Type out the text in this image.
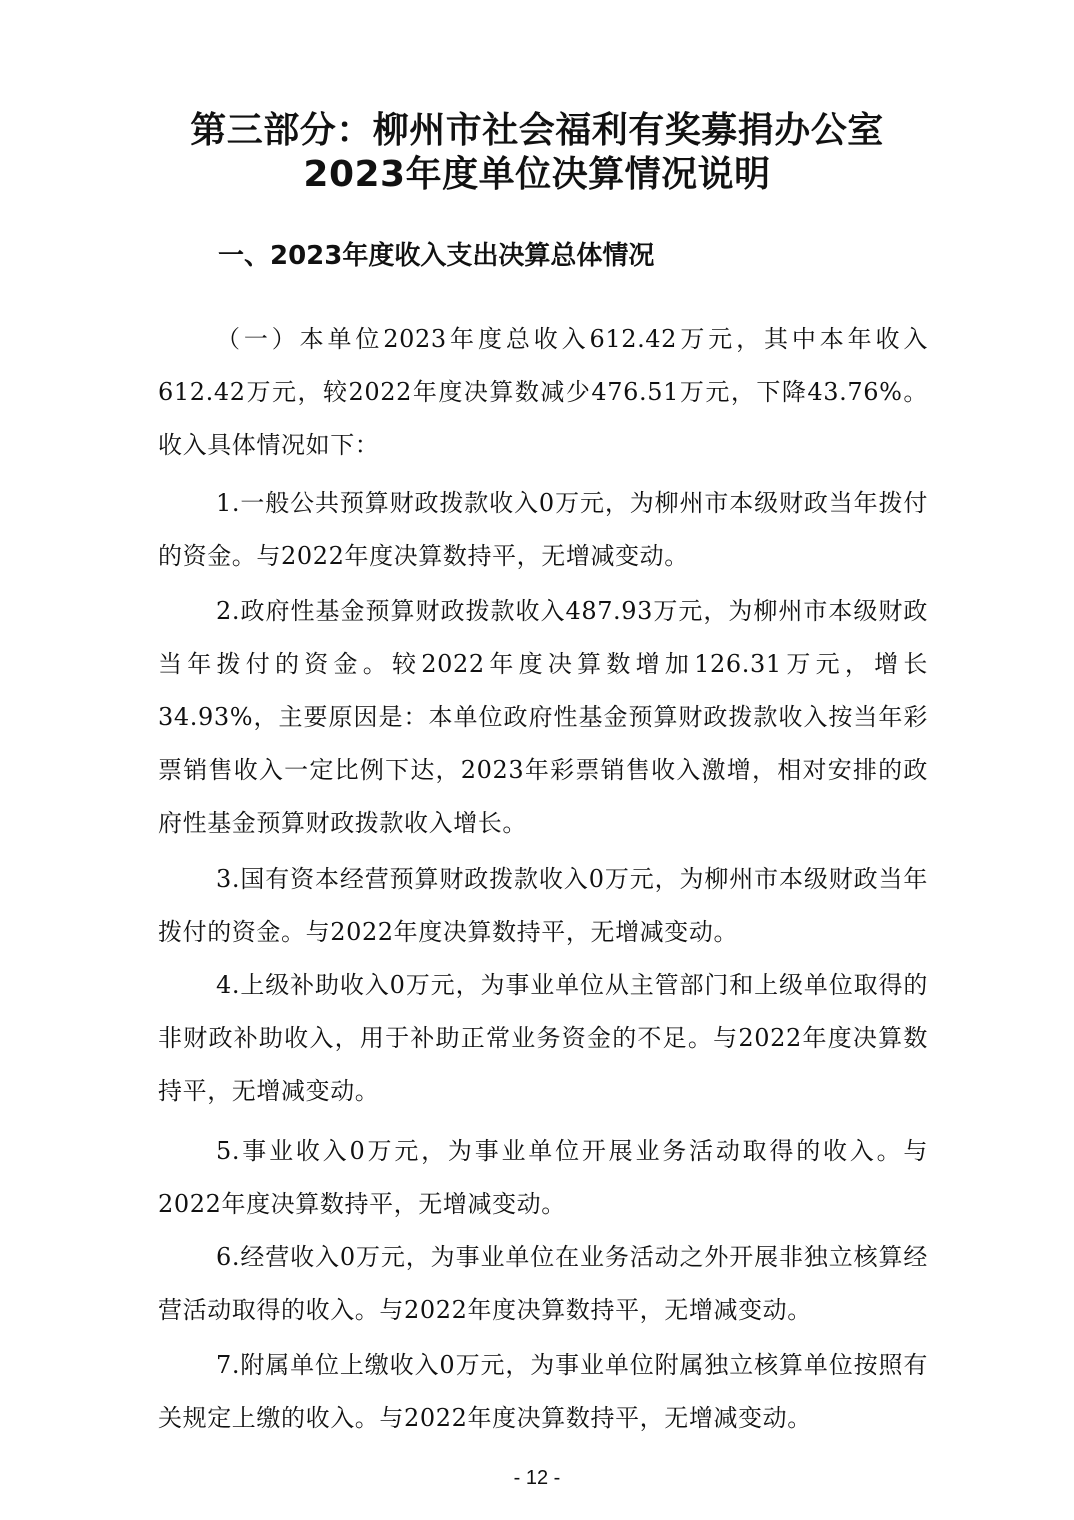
第三部分：柳州市社会福利有奖募捐办公室
2023年度单位决算情况说明
一、2023年度收入支出决算总体情况

（一）本单位2023年度总收入612.42万元，其中本年收入612.42万元，较2022年度决算数减少476.51万元，下降43.76%。收入具体情况如下：

1.一般公共预算财政拨款收入0万元，为柳州市本级财政当年拨付的资金。与2022年度决算数持平，无增减变动。

2.政府性基金预算财政拨款收入487.93万元，为柳州市本级财政当年拨付的资金。较2022年度决算数增加126.31万元，增长34.93%，主要原因是：本单位政府性基金预算财政拨款收入按当年彩票销售收入一定比例下达，2023年彩票销售收入激增，相对安排的政府性基金预算财政拨款收入增长。

3.国有资本经营预算财政拨款收入0万元，为柳州市本级财政当年拨付的资金。与2022年度决算数持平，无增减变动。

4.上级补助收入0万元，为事业单位从主管部门和上级单位取得的非财政补助收入，用于补助正常业务资金的不足。与2022年度决算数持平，无增减变动。

5.事业收入0万元，为事业单位开展业务活动取得的收入。与2022年度决算数持平，无增减变动。

6.经营收入0万元，为事业单位在业务活动之外开展非独立核算经营活动取得的收入。与2022年度决算数持平，无增减变动。

7.附属单位上缴收入0万元，为事业单位附属独立核算单位按照有关规定上缴的收入。与2022年度决算数持平，无增减变动。

- 12 -
